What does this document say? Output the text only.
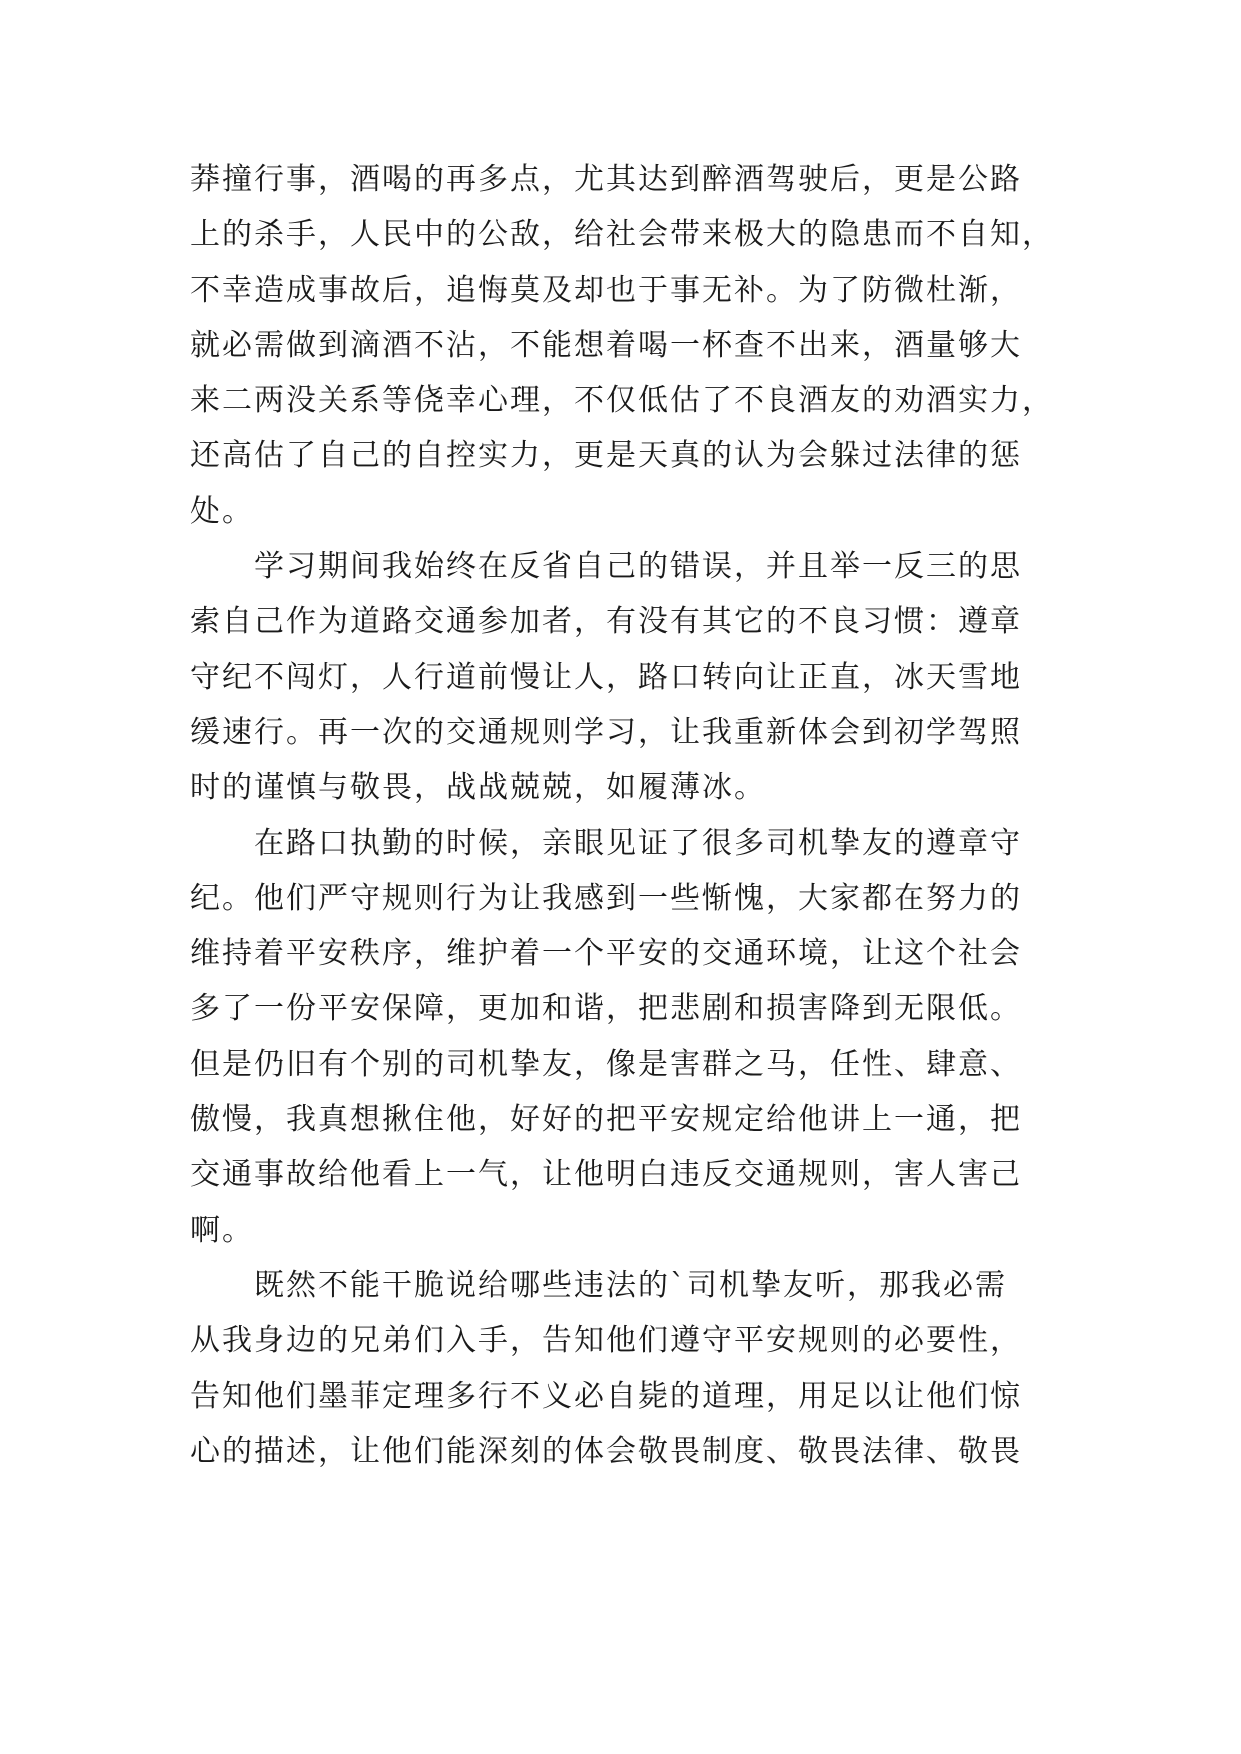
莽撞行事，酒喝的再多点，尤其达到醉酒驾驶后，更是公路
上的杀手，人民中的公敌，给社会带来极大的隐患而不自知，
不幸造成事故后，追悔莫及却也于事无补。为了防微杜渐，
就必需做到滴酒不沾，不能想着喝一杯查不出来，酒量够大
来二两没关系等侥幸心理，不仅低估了不良酒友的劝酒实力，
还高估了自己的自控实力，更是天真的认为会躲过法律的惩
处。
学习期间我始终在反省自己的错误，并且举一反三的思
索自己作为道路交通参加者，有没有其它的不良习惯：遵章
守纪不闯灯，人行道前慢让人，路口转向让正直，冰天雪地
缓速行。再一次的交通规则学习，让我重新体会到初学驾照
时的谨慎与敬畏，战战兢兢，如履薄冰。
在路口执勤的时候，亲眼见证了很多司机挚友的遵章守
纪。他们严守规则行为让我感到一些惭愧，大家都在努力的
维持着平安秩序，维护着一个平安的交通环境，让这个社会
多了一份平安保障，更加和谐，把悲剧和损害降到无限低。
但是仍旧有个别的司机挚友，像是害群之马，任性、肆意、
傲慢，我真想揪住他，好好的把平安规定给他讲上一通，把
交通事故给他看上一气，让他明白违反交通规则，害人害己
啊。
既然不能干脆说给哪些违法的`司机挚友听，那我必需
从我身边的兄弟们入手，告知他们遵守平安规则的必要性，
告知他们墨菲定理多行不义必自毙的道理，用足以让他们惊
心的描述，让他们能深刻的体会敬畏制度、敬畏法律、敬畏
